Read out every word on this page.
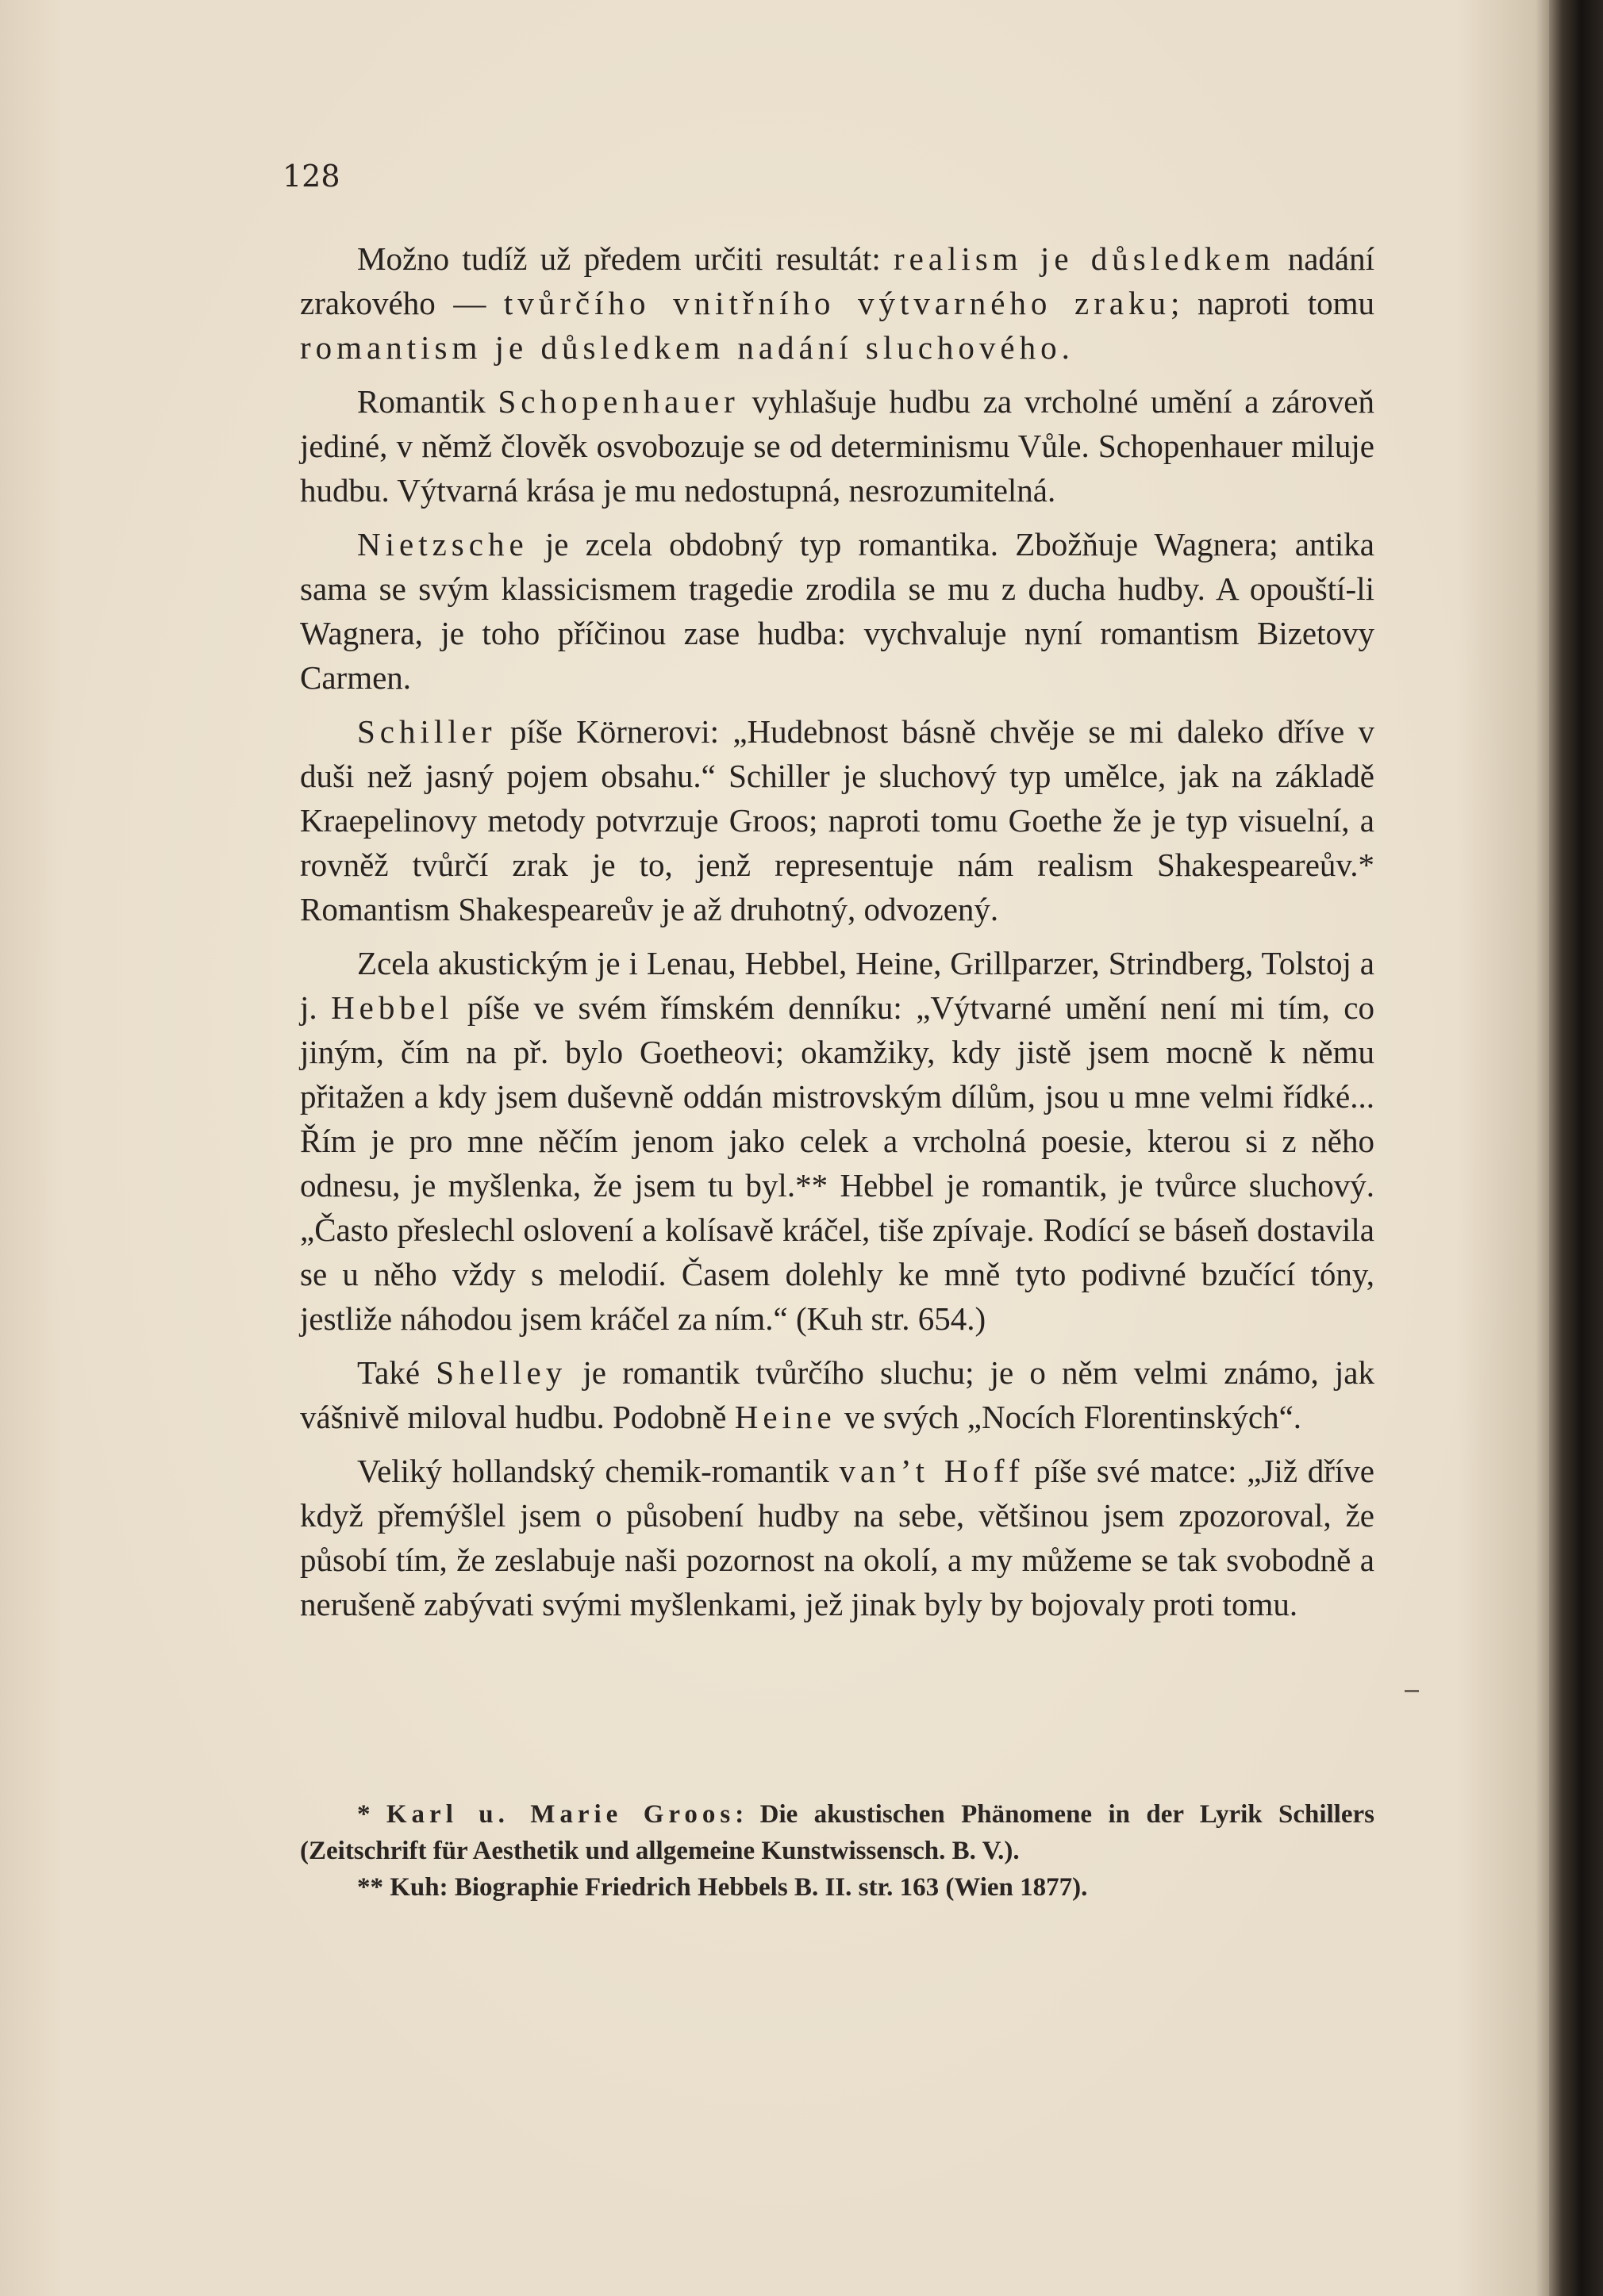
128

Možno tudíž už předem určiti resultát: realism je důsledkem nadání zrakového — tvůrčího vnitřního výtvarného zraku; naproti tomu romantism je důsledkem nadání sluchového.

Romantik Schopenhauer vyhlašuje hudbu za vrcholné umění a zároveň jediné, v němž člověk osvobozuje se od determinismu Vůle. Schopenhauer miluje hudbu. Výtvarná krása je mu nedostupná, nesrozumitelná.

Nietzsche je zcela obdobný typ romantika. Zbožňuje Wagnera; antika sama se svým klassicismem tragedie zrodila se mu z ducha hudby. A opouští-li Wagnera, je toho příčinou zase hudba: vychvaluje nyní romantism Bizetovy Carmen.

Schiller píše Körnerovi: „Hudebnost básně chvěje se mi daleko dříve v duši než jasný pojem obsahu.“ Schiller je sluchový typ umělce, jak na základě Kraepelinovy metody potvrzuje Groos; naproti tomu Goethe že je typ visuelní, a rovněž tvůrčí zrak je to, jenž representuje nám realism Shakespeareův.* Romantism Shakespeareův je až druhotný, odvozený.

Zcela akustickým je i Lenau, Hebbel, Heine, Grillparzer, Strindberg, Tolstoj a j. Hebbel píše ve svém římském denníku: „Výtvarné umění není mi tím, co jiným, čím na př. bylo Goetheovi; okamžiky, kdy jistě jsem mocně k němu přitažen a kdy jsem duševně oddán mistrovským dílům, jsou u mne velmi řídké... Řím je pro mne něčím jenom jako celek a vrcholná poesie, kterou si z něho odnesu, je myšlenka, že jsem tu byl.** Hebbel je romantik, je tvůrce sluchový. „Často přeslechl oslovení a kolísavě kráčel, tiše zpívaje. Rodící se báseň dostavila se u něho vždy s melodií. Časem dolehly ke mně tyto podivné bzučící tóny, jestliže náhodou jsem kráčel za ním.“ (Kuh str. 654.)

Také Shelley je romantik tvůrčího sluchu; je o něm velmi známo, jak vášnivě miloval hudbu. Podobně Heine ve svých „Nocích Florentinských“.

Veliký hollandský chemik-romantik van’t Hoff píše své matce: „Již dříve když přemýšlel jsem o působení hudby na sebe, většinou jsem zpozoroval, že působí tím, že zeslabuje naši pozornost na okolí, a my můžeme se tak svobodně a nerušeně zabývati svými myšlenkami, jež jinak byly by bojovaly proti tomu.

* Karl u. Marie Groos: Die akustischen Phänomene in der Lyrik Schillers (Zeitschrift für Aesthetik und allgemeine Kunstwissensch. B. V.).

** Kuh: Biographie Friedrich Hebbels B. II. str. 163 (Wien 1877).
